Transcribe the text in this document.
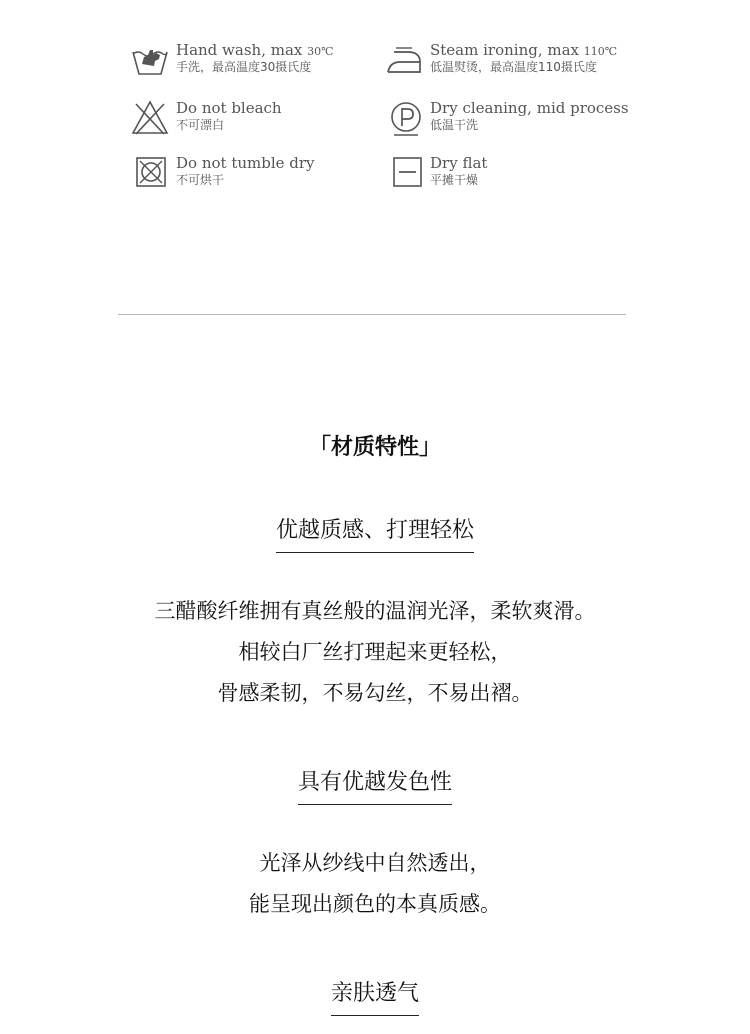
Hand wash, max 30℃
手洗，最高温度30摄氏度
Do not bleach
不可漂白
Do not tumble dry
不可烘干
Steam ironing, max 110℃
低温熨烫，最高温度110摄氏度
Dry cleaning, mid process
低温干洗
Dry flat
平摊干燥
「材质特性」
优越质感、打理轻松
三醋酸纤维拥有真丝般的温润光泽，柔软爽滑。
相较白厂丝打理起来更轻松，
骨感柔韧，不易勾丝，不易出褶。
具有优越发色性
光泽从纱线中自然透出，
能呈现出颜色的本真质感。
亲肤透气
